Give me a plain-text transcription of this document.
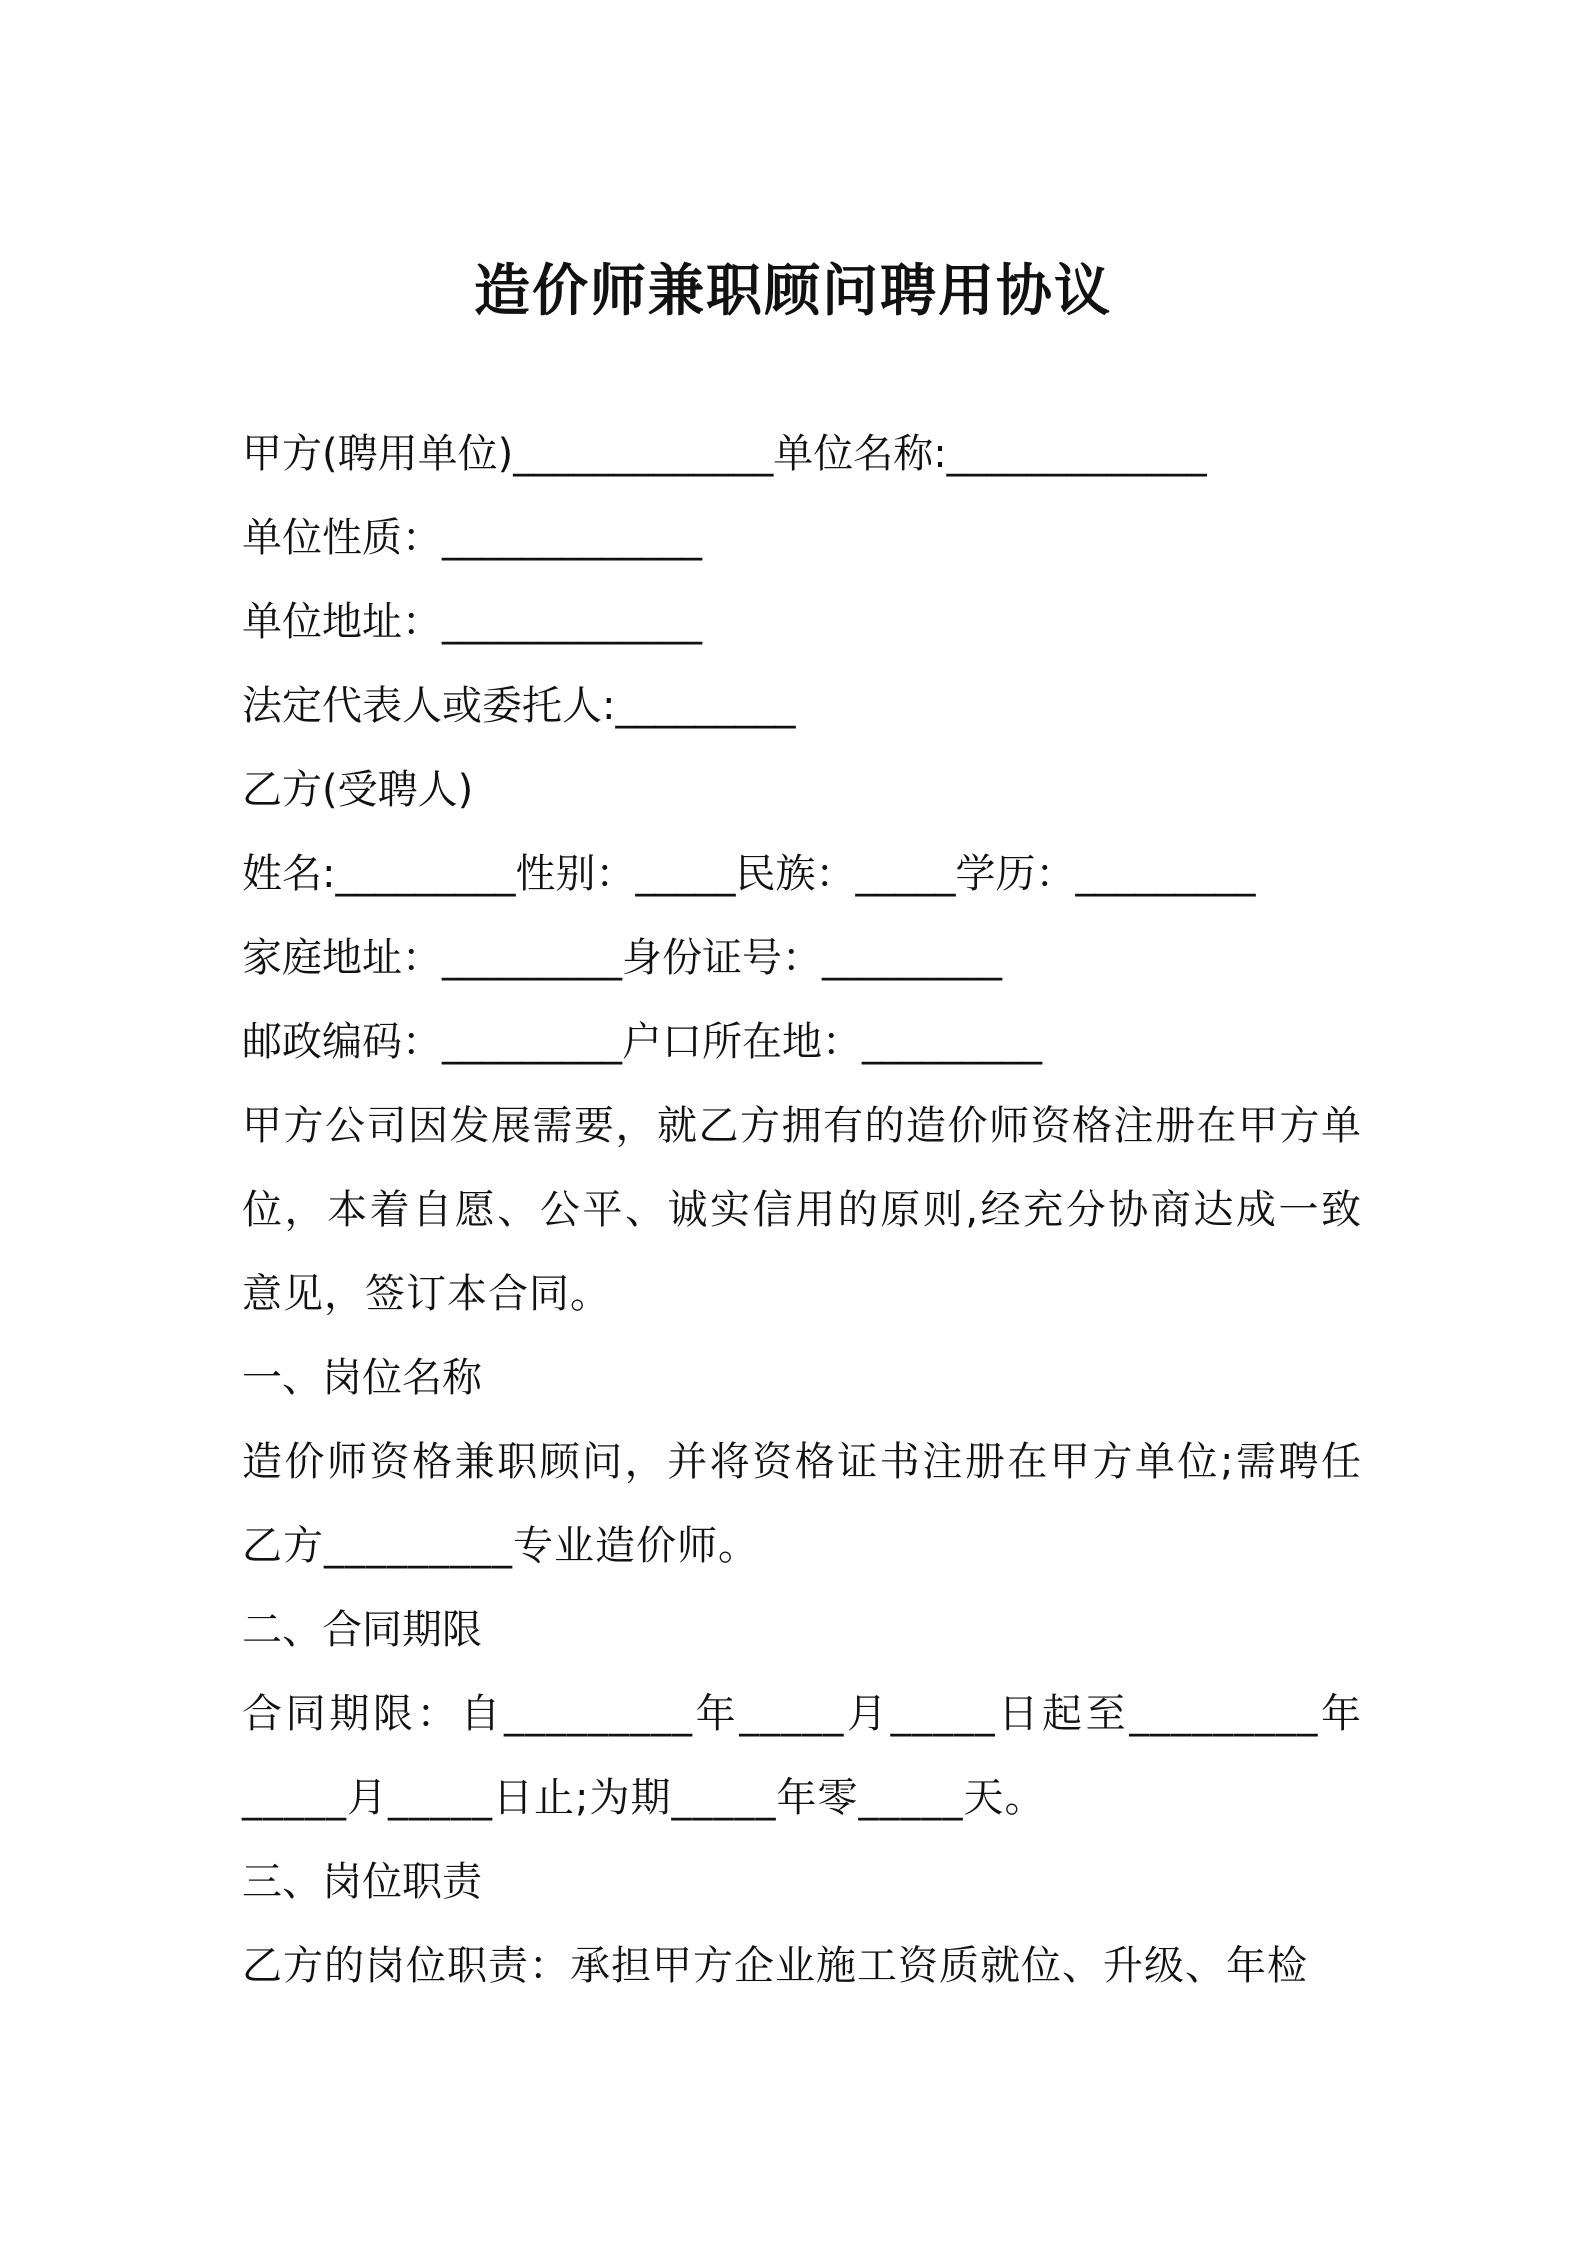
造价师兼职顾问聘用协议

甲方(聘用单位)_____________单位名称:_____________

单位性质：_____________

单位地址：_____________

法定代表人或委托人:_________

乙方(受聘人)

姓名:_________性别：_____民族：_____学历：_________

家庭地址：_________身份证号：_________

邮政编码：_________户口所在地：_________

甲方公司因发展需要，就乙方拥有的造价师资格注册在甲方单位，本着自愿、公平、诚实信用的原则,经充分协商达成一致意见，签订本合同。

一、岗位名称

造价师资格兼职顾问，并将资格证书注册在甲方单位;需聘任乙方_________专业造价师。

二、合同期限

合同期限：自_________年_____月_____日起至_________年_____月_____日止;为期_____年零_____天。

三、岗位职责

乙方的岗位职责：承担甲方企业施工资质就位、升级、年检
